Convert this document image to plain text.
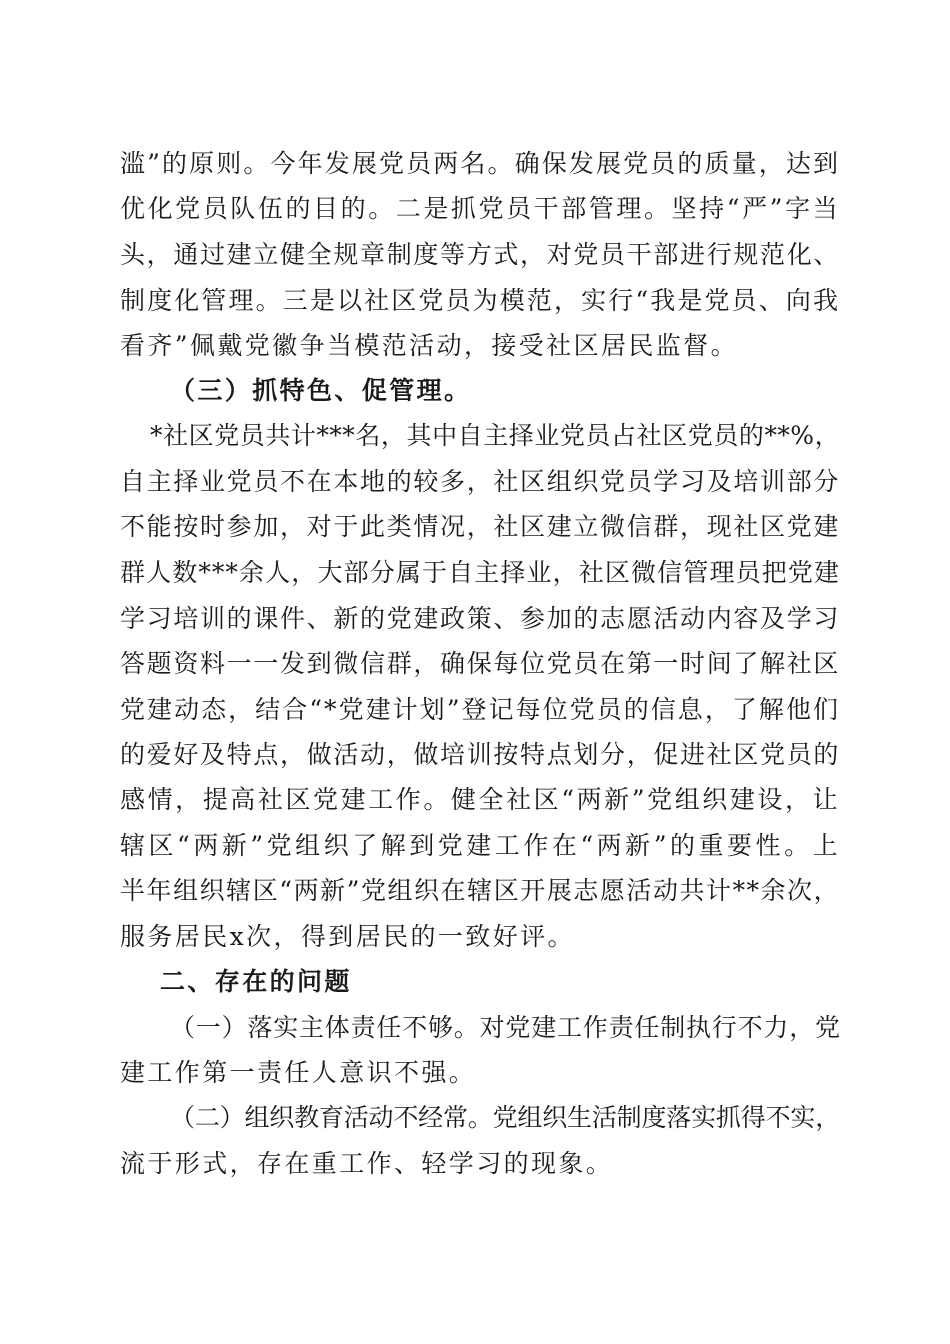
滥”的原则。今年发展党员两名。确保发展党员的质量，达到
优化党员队伍的目的。二是抓党员干部管理。坚持“严”字当
头，通过建立健全规章制度等方式，对党员干部进行规范化、
制度化管理。三是以社区党员为模范，实行“我是党员、向我
看齐”佩戴党徽争当模范活动，接受社区居民监督。
（三）抓特色、促管理。
*社区党员共计***名，其中自主择业党员占社区党员的**%，
自主择业党员不在本地的较多，社区组织党员学习及培训部分
不能按时参加，对于此类情况，社区建立微信群，现社区党建
群人数***余人，大部分属于自主择业，社区微信管理员把党建
学习培训的课件、新的党建政策、参加的志愿活动内容及学习
答题资料一一发到微信群，确保每位党员在第一时间了解社区
党建动态，结合“*党建计划”登记每位党员的信息，了解他们
的爱好及特点，做活动，做培训按特点划分，促进社区党员的
感情，提高社区党建工作。健全社区“两新”党组织建设，让
辖区“两新”党组织了解到党建工作在“两新”的重要性。上
半年组织辖区“两新”党组织在辖区开展志愿活动共计**余次，
服务居民x次，得到居民的一致好评。
二、存在的问题
（一）落实主体责任不够。对党建工作责任制执行不力，党
建工作第一责任人意识不强。
（二）组织教育活动不经常。党组织生活制度落实抓得不实，
流于形式，存在重工作、轻学习的现象。
